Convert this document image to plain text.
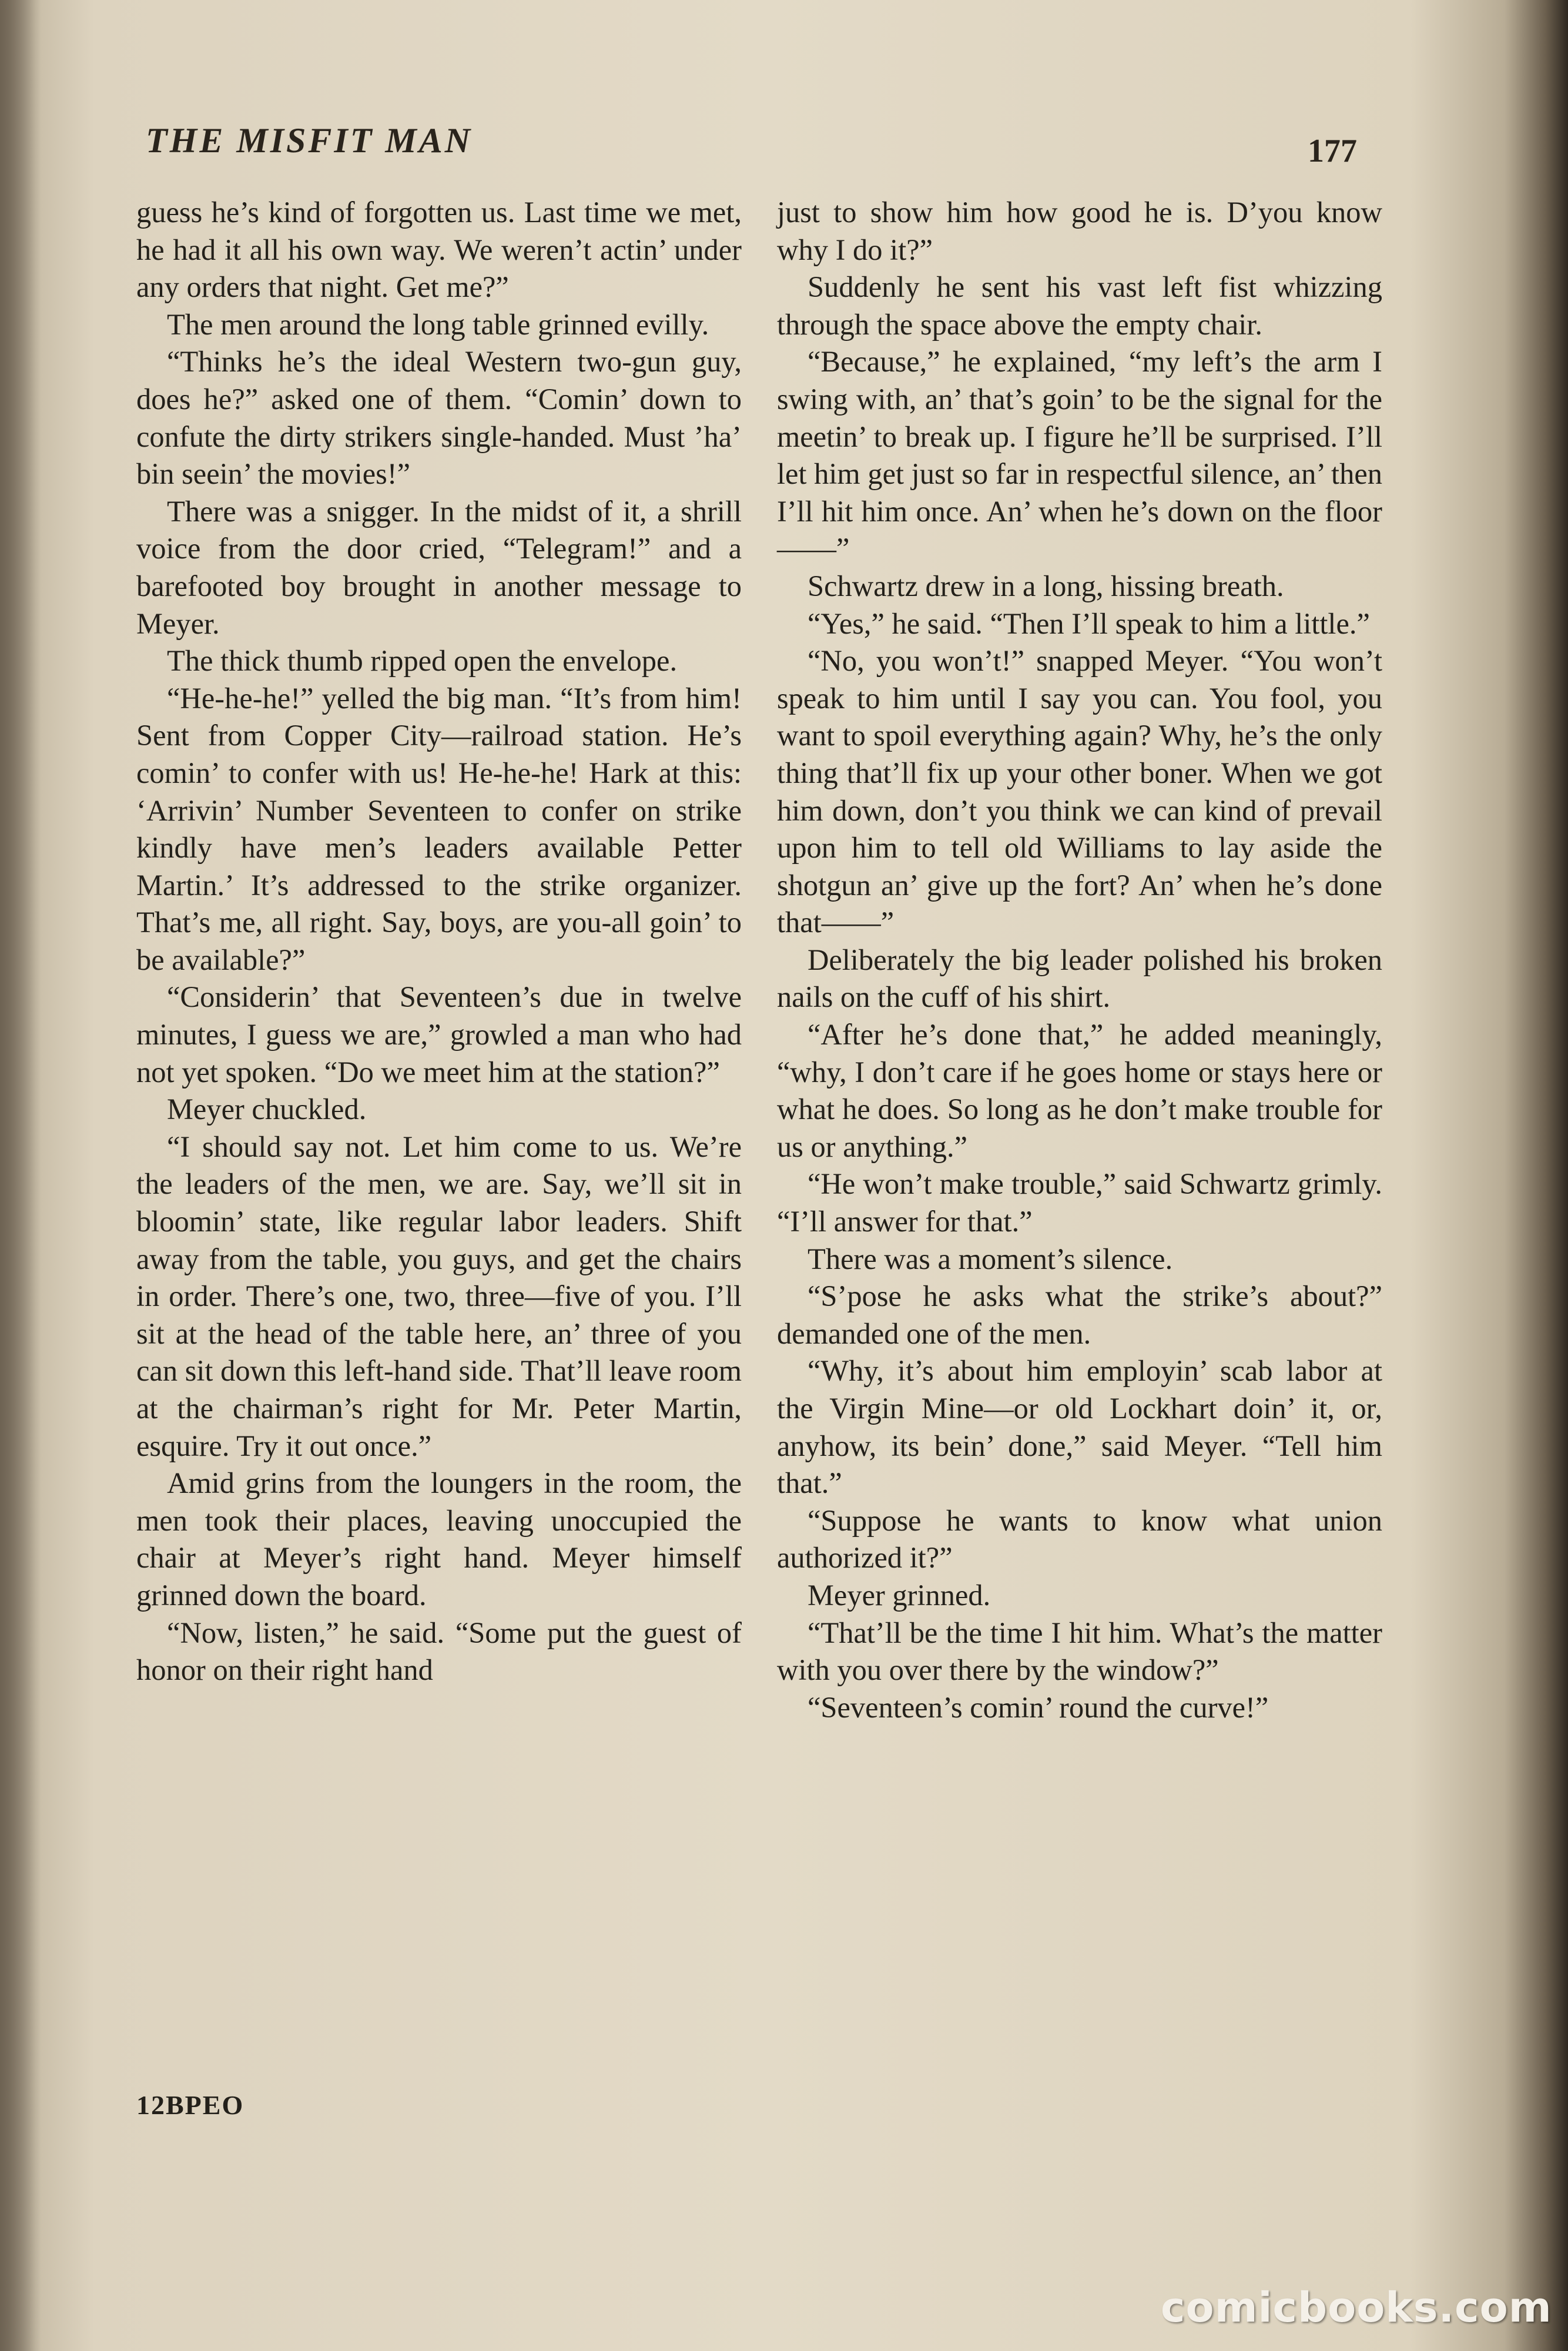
THE MISFIT MAN	177

guess he’s kind of forgotten us. Last time we met, he had it all his own way. We weren’t actin’ under any orders that night. Get me?”

The men around the long table grinned evilly.

“Thinks he’s the ideal Western two-gun guy, does he?” asked one of them. “Comin’ down to confute the dirty strikers single-handed. Must ’ha’ bin seein’ the movies!”

There was a snigger. In the midst of it, a shrill voice from the door cried, “Telegram!” and a barefooted boy brought in another message to Meyer.

The thick thumb ripped open the envelope.

“He-he-he!” yelled the big man. “It’s from him! Sent from Copper City—railroad station. He’s comin’ to confer with us! He-he-he! Hark at this: ‘Arrivin’ Number Seventeen to confer on strike kindly have men’s leaders available Petter Martin.’ It’s addressed to the strike organizer. That’s me, all right. Say, boys, are you-all goin’ to be available?”

“Considerin’ that Seventeen’s due in twelve minutes, I guess we are,” growled a man who had not yet spoken. “Do we meet him at the station?”

Meyer chuckled.

“I should say not. Let him come to us. We’re the leaders of the men, we are. Say, we’ll sit in bloomin’ state, like regular labor leaders. Shift away from the table, you guys, and get the chairs in order. There’s one, two, three—five of you. I’ll sit at the head of the table here, an’ three of you can sit down this left-hand side. That’ll leave room at the chairman’s right for Mr. Peter Martin, esquire. Try it out once.”

Amid grins from the loungers in the room, the men took their places, leaving unoccupied the chair at Meyer’s right hand. Meyer himself grinned down the board.

“Now, listen,” he said. “Some put the guest of honor on their right hand

just to show him how good he is. D’you know why I do it?”

Suddenly he sent his vast left fist whizzing through the space above the empty chair.

“Because,” he explained, “my left’s the arm I swing with, an’ that’s goin’ to be the signal for the meetin’ to break up. I figure he’ll be surprised. I’ll let him get just so far in respectful silence, an’ then I’ll hit him once. An’ when he’s down on the floor——”

Schwartz drew in a long, hissing breath.

“Yes,” he said. “Then I’ll speak to him a little.”

“No, you won’t!” snapped Meyer. “You won’t speak to him until I say you can. You fool, you want to spoil everything again? Why, he’s the only thing that’ll fix up your other boner. When we got him down, don’t you think we can kind of prevail upon him to tell old Williams to lay aside the shotgun an’ give up the fort? An’ when he’s done that——”

Deliberately the big leader polished his broken nails on the cuff of his shirt.

“After he’s done that,” he added meaningly, “why, I don’t care if he goes home or stays here or what he does. So long as he don’t make trouble for us or anything.”

“He won’t make trouble,” said Schwartz grimly. “I’ll answer for that.”

There was a moment’s silence.

“S’pose he asks what the strike’s about?” demanded one of the men.

“Why, it’s about him employin’ scab labor at the Virgin Mine—or old Lockhart doin’ it, or, anyhow, its bein’ done,” said Meyer. “Tell him that.”

“Suppose he wants to know what union authorized it?”

Meyer grinned.

“That’ll be the time I hit him. What’s the matter with you over there by the window?”

“Seventeen’s comin’ round the curve!”

12BPEO
comicbooks.com
